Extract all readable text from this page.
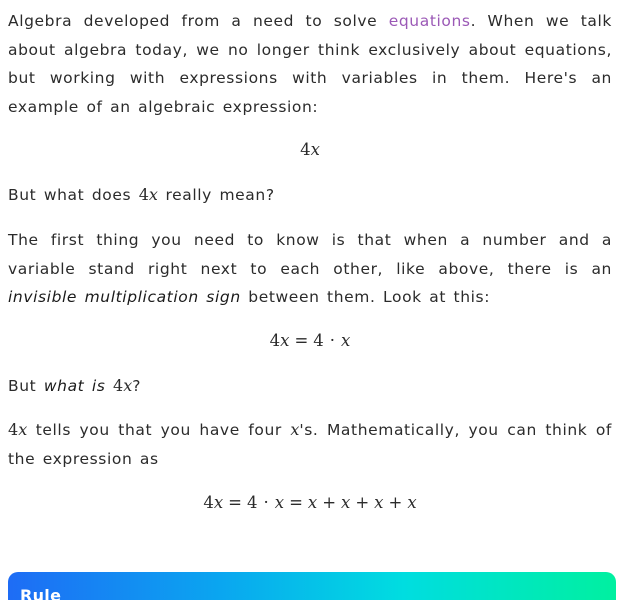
Algebra developed from a need to solve equations. When we talk about algebra today, we no longer think exclusively about equations, but working with expressions with variables in them. Here's an example of an algebraic expression:

4x

But what does 4x really mean?

The first thing you need to know is that when a number and a variable stand right next to each other, like above, there is an invisible multiplication sign between them. Look at this:

4x = 4 · x

But what is 4x?

4x tells you that you have four x's. Mathematically, you can think of the expression as

4x = 4 · x = x + x + x + x
Rule
